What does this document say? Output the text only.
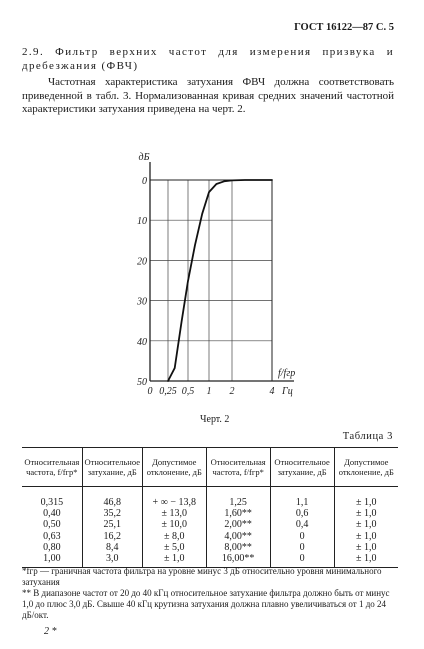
ГОСТ 16122—87 С. 5

2.9. Фильтр верхних частот для измерения призвука и дребезжания (ФВЧ)

Частотная характеристика затухания ФВЧ должна соответствовать приведенной в табл. 3. Нормализованная кривая средних значений частотной характеристики затухания приведена на черт. 2.

0
10
20
30
40
50
0 0,25 0,5 1 2	4
дБ
f/fгр
Гц
Черт. 2
Таблица 3
Относительная частота, f/fгр*	Относительное затухание, дБ	Допустимое отклонение, дБ	Относительная частота, f/fгр*	Относительное затухание, дБ	Допустимое отклонение, дБ
0,315	46,8	+ ∞ − 13,8	1,25	1,1	± 1,0
0,40	35,2	± 13,0	1,60**	0,6	± 1,0
0,50	25,1	± 10,0	2,00**	0,4	± 1,0
0,63	16,2	± 8,0	4,00**	0	± 1,0
0,80	8,4	± 5,0	8,00**	0	± 1,0
1,00	3,0	± 1,0	16,00**	0	± 1,0

*fгр — граничная частота фильтра на уровне минус 3 дБ относительно уровня минимального затухания

** В диапазоне частот от 20 до 40 кГц относительное затухание фильтра должно быть от минус 1,0 до плюс 3,0 дБ. Свыше 40 кГц крутизна затухания должна плавно увеличиваться от 1 до 24 дБ/окт.

2 *
